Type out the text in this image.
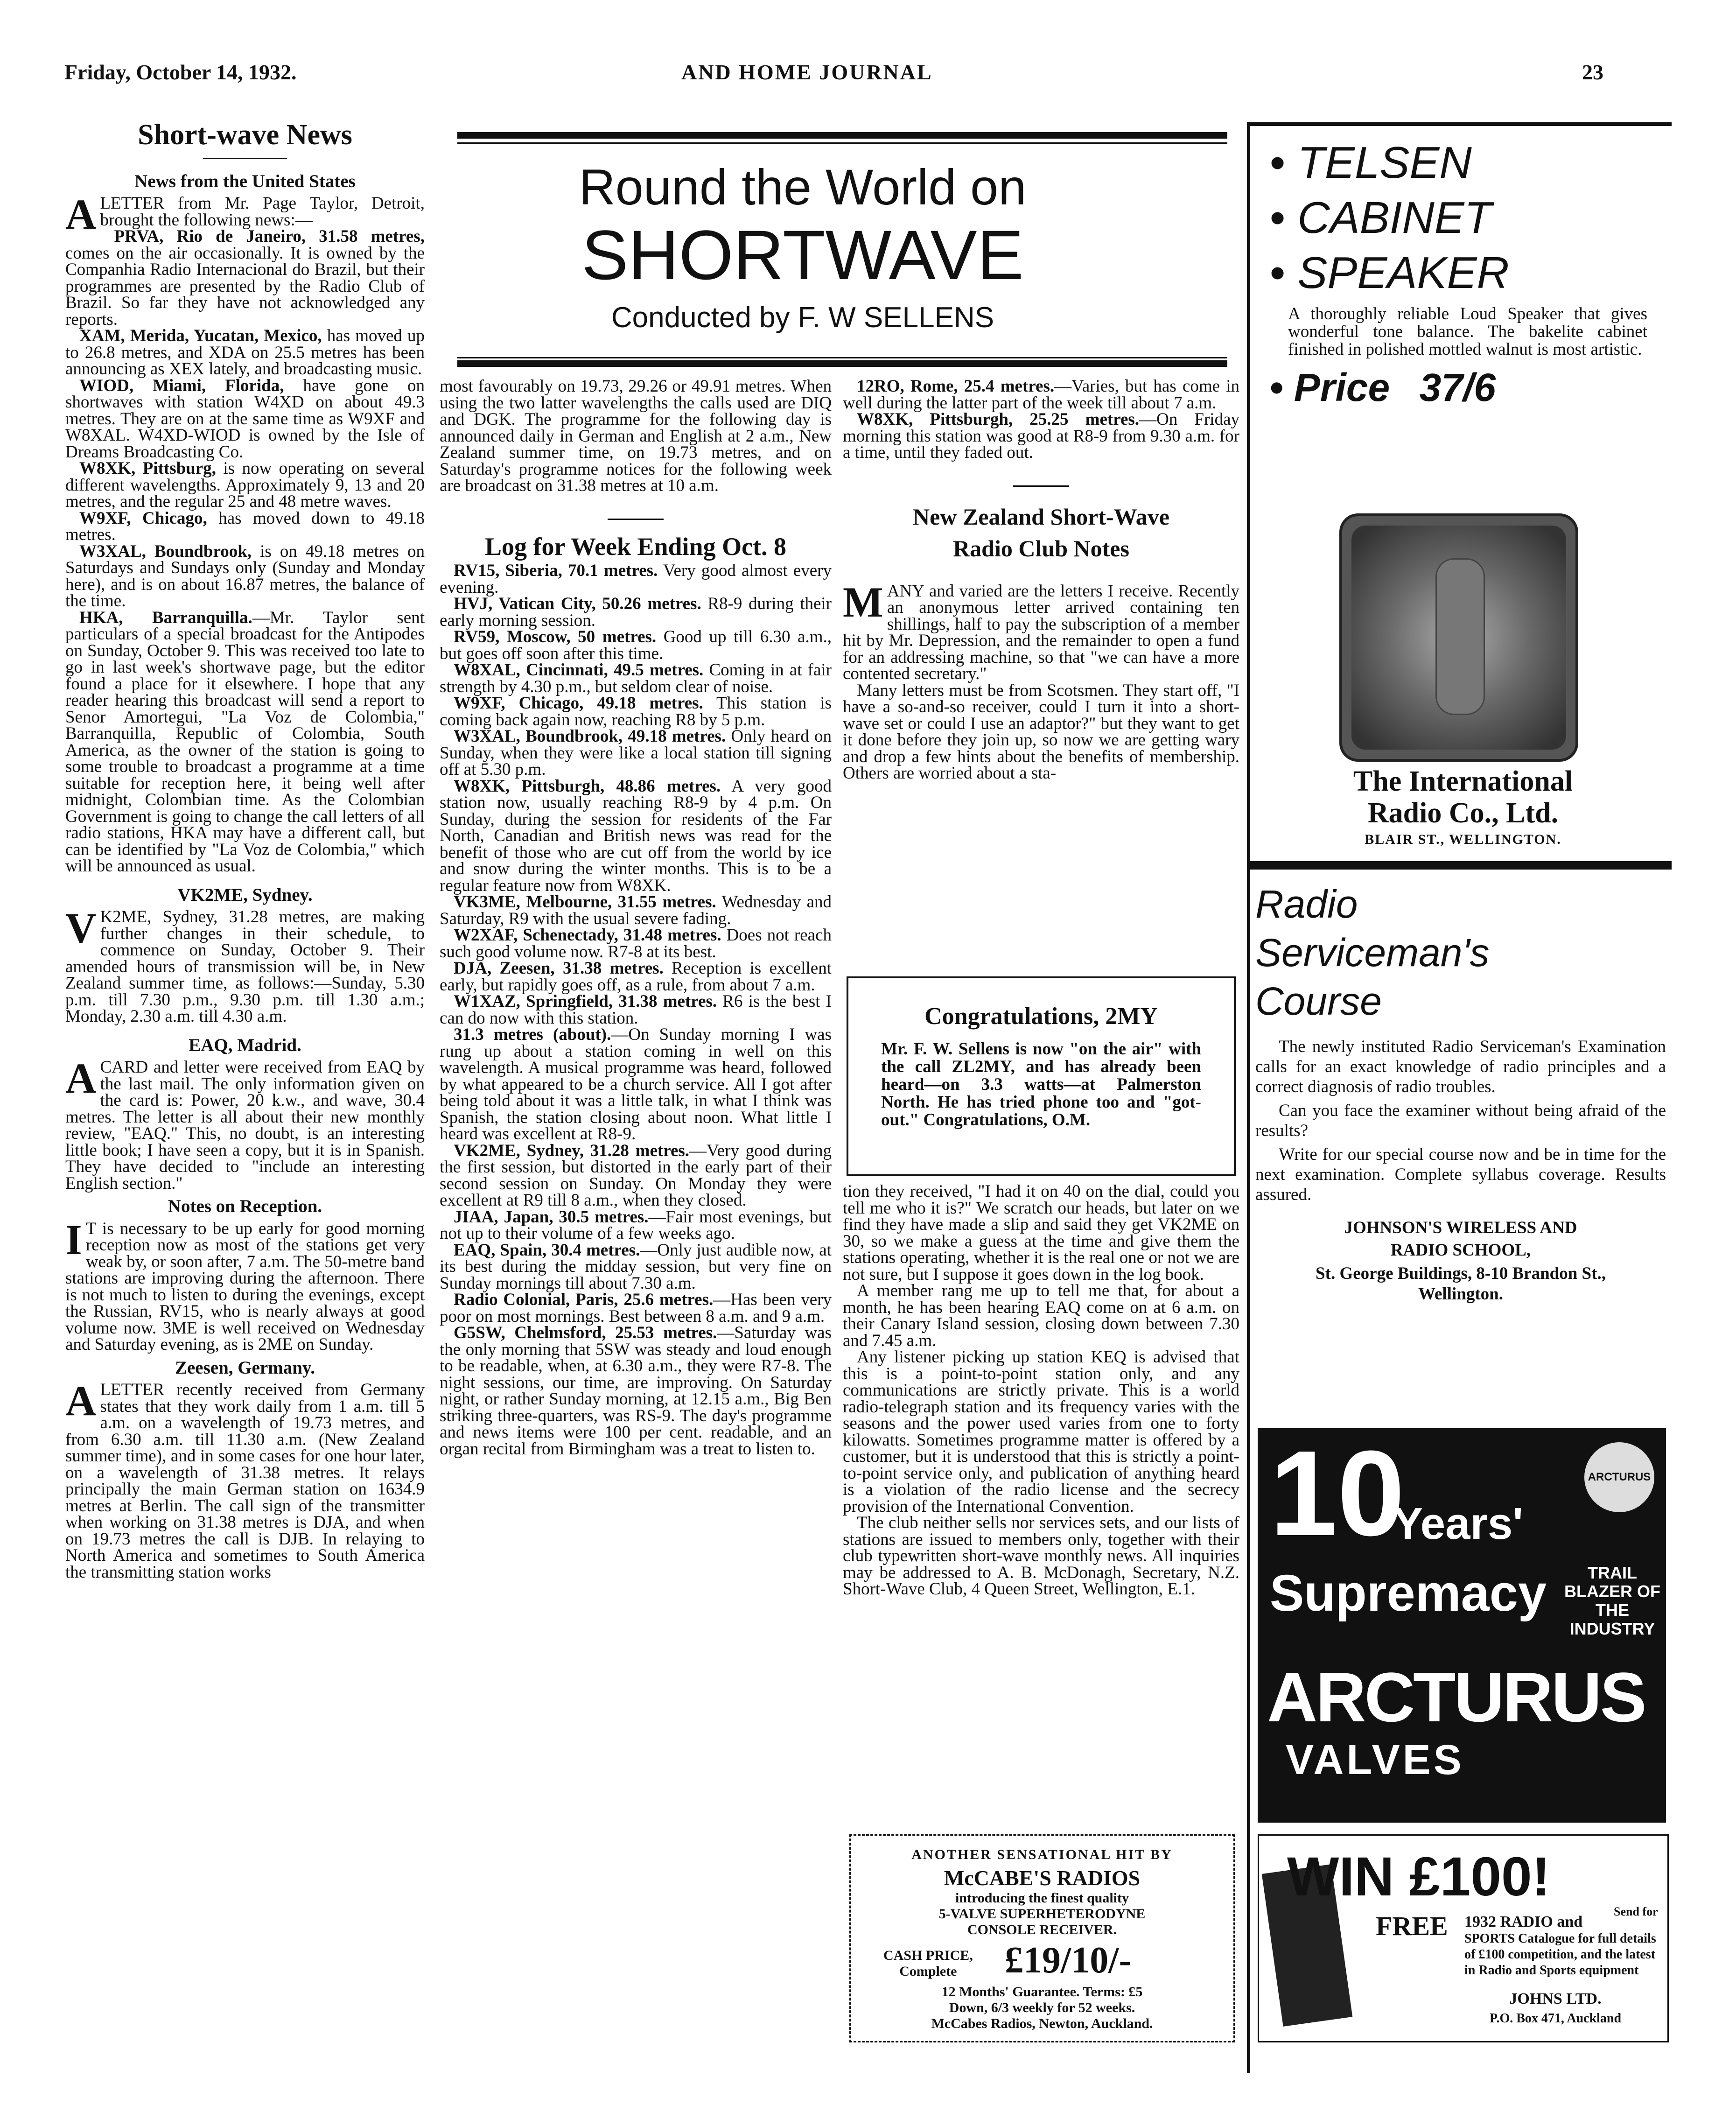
Friday, October 14, 1932.	AND HOME JOURNAL	23
Short-wave News
News from the United States

ALETTER from Mr. Page Taylor, Detroit, brought the following news:—

PRVA, Rio de Janeiro, 31.58 metres, comes on the air occasionally. It is owned by the Companhia Radio Internacional do Brazil, but their programmes are presented by the Radio Club of Brazil. So far they have not acknowledged any reports.

XAM, Merida, Yucatan, Mexico, has moved up to 26.8 metres, and XDA on 25.5 metres has been announcing as XEX lately, and broadcasting music.

WIOD, Miami, Florida, have gone on shortwaves with station W4XD on about 49.3 metres. They are on at the same time as W9XF and W8XAL. W4XD-WIOD is owned by the Isle of Dreams Broadcasting Co.

W8XK, Pittsburg, is now operating on several different wavelengths. Approximately 9, 13 and 20 metres, and the regular 25 and 48 metre waves.

W9XF, Chicago, has moved down to 49.18 metres.

W3XAL, Boundbrook, is on 49.18 metres on Saturdays and Sundays only (Sunday and Monday here), and is on about 16.87 metres, the balance of the time.

HKA, Barranquilla.—Mr. Taylor sent particulars of a special broadcast for the Antipodes on Sunday, October 9. This was received too late to go in last week's shortwave page, but the editor found a place for it elsewhere. I hope that any reader hearing this broadcast will send a report to Senor Amortegui, "La Voz de Colombia," Barranquilla, Republic of Colombia, South America, as the owner of the station is going to some trouble to broadcast a programme at a time suitable for reception here, it being well after midnight, Colombian time. As the Colombian Government is going to change the call letters of all radio stations, HKA may have a different call, but can be identified by "La Voz de Colombia," which will be announced as usual.

VK2ME, Sydney.

V K2ME, Sydney, 31.28 metres, are making further changes in their schedule, to commence on Sunday, October 9. Their amended hours of transmission will be, in New Zealand summer time, as follows:—Sunday, 5.30 p.m. till 7.30 p.m., 9.30 p.m. till 1.30 a.m.; Monday, 2.30 a.m. till 4.30 a.m.

EAQ, Madrid.

ACARD and letter were received from EAQ by the last mail. The only information given on the card is: Power, 20 k.w., and wave, 30.4 metres. The letter is all about their new monthly review, "EAQ." This, no doubt, is an interesting little book; I have seen a copy, but it is in Spanish. They have decided to "include an interesting English section."

Notes on Reception.

I T is necessary to be up early for good morning reception now as most of the stations get very weak by, or soon after, 7 a.m. The 50-metre band stations are improving during the afternoon. There is not much to listen to during the evenings, except the Russian, RV15, who is nearly always at good volume now. 3ME is well received on Wednesday and Saturday evening, as is 2ME on Sunday.

Zeesen, Germany.

ALETTER recently received from Germany states that they work daily from 1 a.m. till 5 a.m. on a wavelength of 19.73 metres, and from 6.30 a.m. till 11.30 a.m. (New Zealand summer time), and in some cases for one hour later, on a wavelength of 31.38 metres. It relays principally the main German station on 1634.9 metres at Berlin. The call sign of the transmitter when working on 31.38 metres is DJA, and when on 19.73 metres the call is DJB. In relaying to North America and sometimes to South America the transmitting station works

Round the World on
SHORTWAVE
Conducted by F. W SELLENS

most favourably on 19.73, 29.26 or 49.91 metres. When using the two latter wavelengths the calls used are DIQ and DGK. The programme for the following day is announced daily in German and English at 2 a.m., New Zealand summer time, on 19.73 metres, and on Saturday's programme notices for the following week are broadcast on 31.38 metres at 10 a.m.

Log for Week Ending Oct. 8

RV15, Siberia, 70.1 metres. Very good almost every evening.

HVJ, Vatican City, 50.26 metres. R8-9 during their early morning session.

RV59, Moscow, 50 metres. Good up till 6.30 a.m., but goes off soon after this time.

W8XAL, Cincinnati, 49.5 metres. Coming in at fair strength by 4.30 p.m., but seldom clear of noise.

W9XF, Chicago, 49.18 metres. This station is coming back again now, reaching R8 by 5 p.m.

W3XAL, Boundbrook, 49.18 metres. Only heard on Sunday, when they were like a local station till signing off at 5.30 p.m.

W8XK, Pittsburgh, 48.86 metres. A very good station now, usually reaching R8-9 by 4 p.m. On Sunday, during the session for residents of the Far North, Canadian and British news was read for the benefit of those who are cut off from the world by ice and snow during the winter months. This is to be a regular feature now from W8XK.

VK3ME, Melbourne, 31.55 metres. Wednesday and Saturday, R9 with the usual severe fading.

W2XAF, Schenectady, 31.48 metres. Does not reach such good volume now. R7-8 at its best.

DJA, Zeesen, 31.38 metres. Reception is excellent early, but rapidly goes off, as a rule, from about 7 a.m.

W1XAZ, Springfield, 31.38 metres. R6 is the best I can do now with this station.

31.3 metres (about).—On Sunday morning I was rung up about a station coming in well on this wavelength. A musical programme was heard, followed by what appeared to be a church service. All I got after being told about it was a little talk, in what I think was Spanish, the station closing about noon. What little I heard was excellent at R8-9.

VK2ME, Sydney, 31.28 metres.—Very good during the first session, but distorted in the early part of their second session on Sunday. On Monday they were excellent at R9 till 8 a.m., when they closed.

JIAA, Japan, 30.5 metres.—Fair most evenings, but not up to their volume of a few weeks ago.

EAQ, Spain, 30.4 metres.—Only just audible now, at its best during the midday session, but very fine on Sunday mornings till about 7.30 a.m.

Radio Colonial, Paris, 25.6 metres.—Has been very poor on most mornings. Best between 8 a.m. and 9 a.m.

G5SW, Chelmsford, 25.53 metres.—Saturday was the only morning that 5SW was steady and loud enough to be readable, when, at 6.30 a.m., they were R7-8. The night sessions, our time, are improving. On Saturday night, or rather Sunday morning, at 12.15 a.m., Big Ben striking three-quarters, was RS-9. The day's programme and news items were 100 per cent. readable, and an organ recital from Birmingham was a treat to listen to.

12RO, Rome, 25.4 metres.—Varies, but has come in well during the latter part of the week till about 7 a.m.

W8XK, Pittsburgh, 25.25 metres.—On Friday morning this station was good at R8-9 from 9.30 a.m. for a time, until they faded out.

New Zealand Short-Wave
Radio Club Notes

MANY and varied are the letters I receive. Recently an anonymous letter arrived containing ten shillings, half to pay the subscription of a member hit by Mr. Depression, and the remainder to open a fund for an addressing machine, so that "we can have a more contented secretary."

Many letters must be from Scotsmen. They start off, "I have a so-and-so receiver, could I turn it into a short-wave set or could I use an adaptor?" but they want to get it done before they join up, so now we are getting wary and drop a few hints about the benefits of membership. Others are worried about a sta-

Congratulations, 2MY
Mr. F. W. Sellens is now "on the air" with the call ZL2MY, and has already been heard—on 3.3 watts—at Palmerston North. He has tried phone too and "got-out." Congratulations, O.M.

tion they received, "I had it on 40 on the dial, could you tell me who it is?" We scratch our heads, but later on we find they have made a slip and said they get VK2ME on 30, so we make a guess at the time and give them the stations operating, whether it is the real one or not we are not sure, but I suppose it goes down in the log book.

A member rang me up to tell me that, for about a month, he has been hearing EAQ come on at 6 a.m. on their Canary Island session, closing down between 7.30 and 7.45 a.m.

Any listener picking up station KEQ is advised that this is a point-to-point station only, and any communications are strictly private. This is a world radio-telegraph station and its frequency varies with the seasons and the power used varies from one to forty kilowatts. Sometimes programme matter is offered by a customer, but it is understood that this is strictly a point-to-point service only, and publication of anything heard is a violation of the radio license and the secrecy provision of the International Convention.

The club neither sells nor services sets, and our lists of stations are issued to members only, together with their club typewritten short-wave monthly news. All inquiries may be addressed to A. B. McDonagh, Secretary, N.Z. Short-Wave Club, 4 Queen Street, Wellington, E.1.

ANOTHER SENSATIONAL HIT BY
McCABE'S RADIOS
introducing the finest quality
5-VALVE SUPERHETERODYNE
CONSOLE RECEIVER.
CASH PRICE,
Complete	£19/10/-
12 Months' Guarantee. Terms: £5
Down, 6/3 weekly for 52 weeks.
McCabes Radios, Newton, Auckland.
• TELSEN
• CABINET
• SPEAKER
A thoroughly reliable Loud Speaker that gives wonderful tone balance. The bakelite cabinet finished in polished mottled walnut is most artistic.
• Price 37/6
The International
Radio Co., Ltd.
BLAIR ST., WELLINGTON.
Radio
Serviceman's
Course

The newly instituted Radio Serviceman's Examination calls for an exact knowledge of radio principles and a correct diagnosis of radio troubles.

Can you face the examiner without being afraid of the results?

Write for our special course now and be in time for the next examination. Complete syllabus coverage. Results assured.

JOHNSON'S WIRELESS AND
RADIO SCHOOL,
St. George Buildings, 8-10 Brandon St.,
Wellington.
10
Years'
Supremacy	TRAIL
BLAZER OF
THE INDUSTRY
ARCTURUS
ARCTURUS
VALVES
WIN £100!
FREE	Send for
1932 RADIO and
SPORTS Catalogue for full details
of £100 competition, and the latest
in Radio and Sports equipment
JOHNS LTD.
P.O. Box 471, Auckland
